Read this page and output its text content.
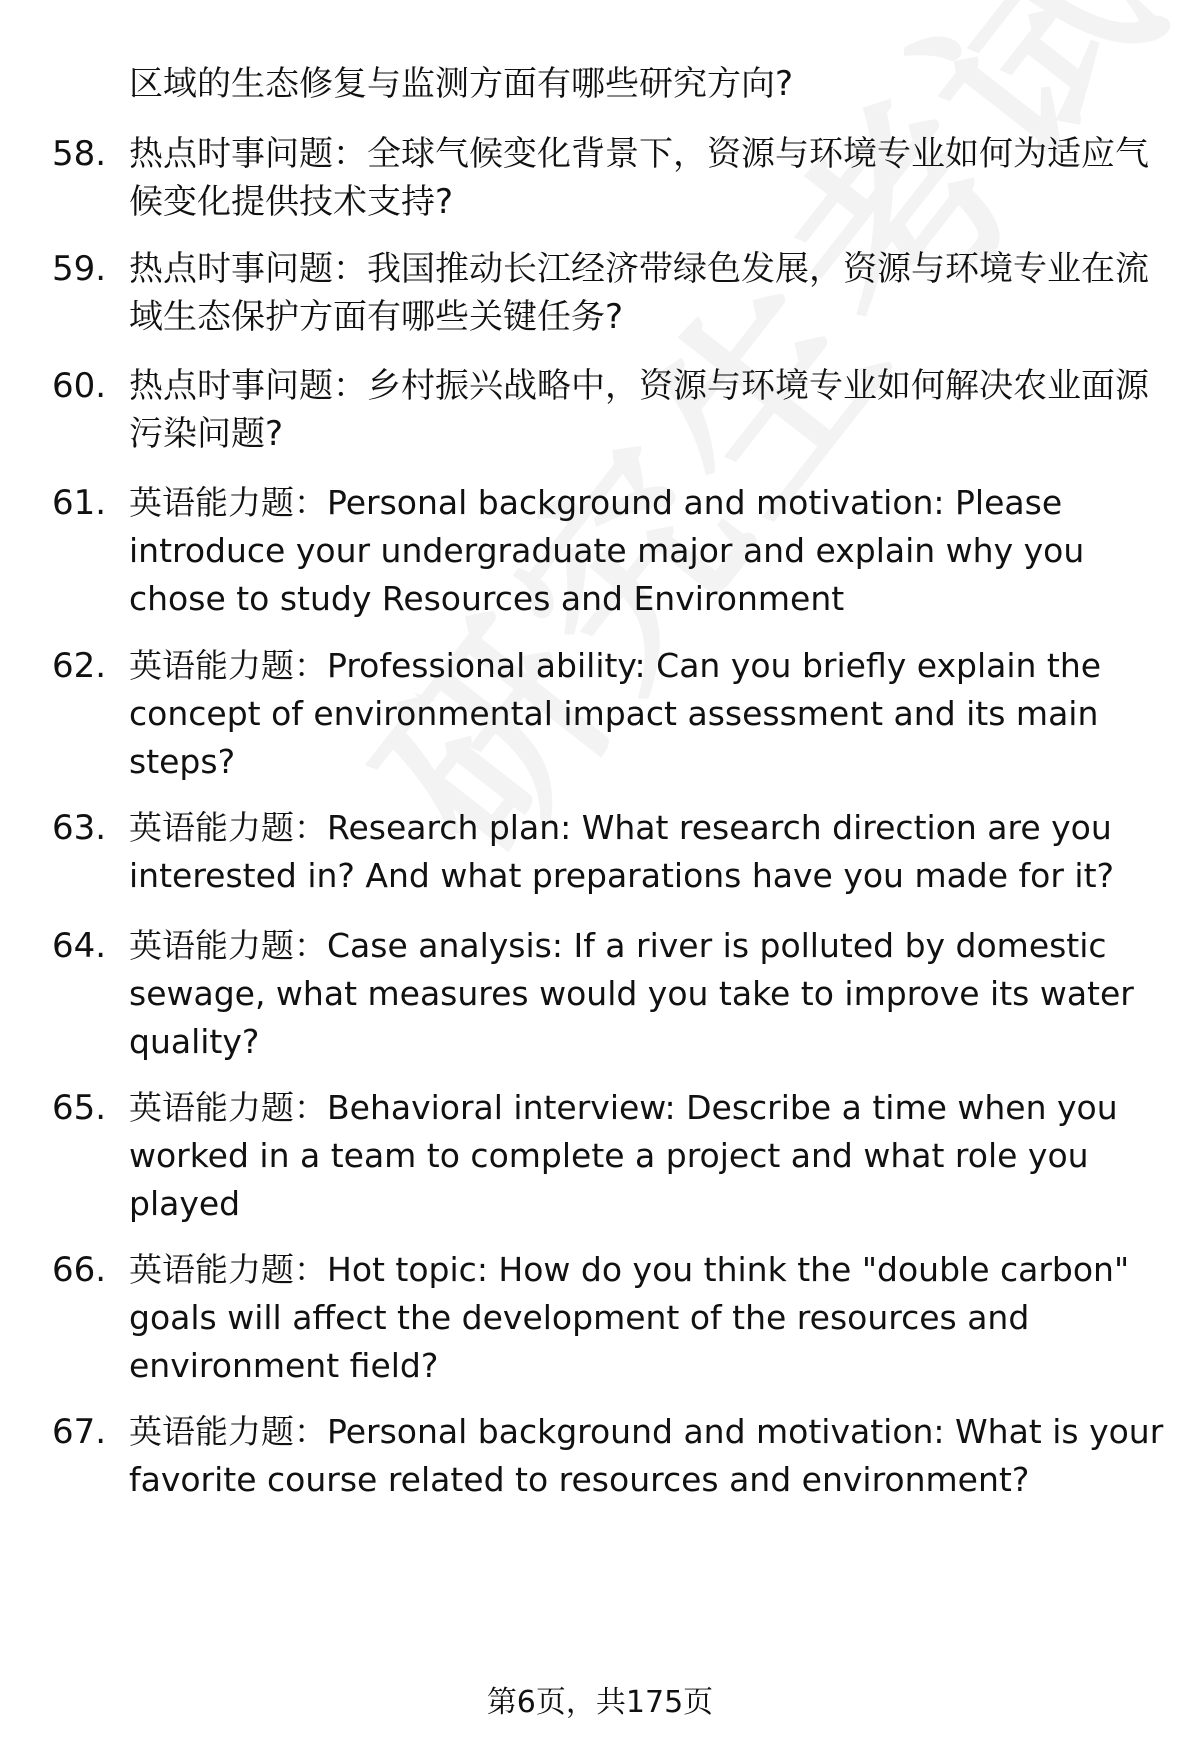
区域的生态修复与监测方面有哪些研究方向?
58. 热点时事问题：全球气候变化背景下，资源与环境专业如何为适应气候变化提供技术支持?
59. 热点时事问题：我国推动长江经济带绿色发展，资源与环境专业在流域生态保护方面有哪些关键任务?
60. 热点时事问题：乡村振兴战略中，资源与环境专业如何解决农业面源污染问题?
61. 英语能力题：Personal background and motivation: Please introduce your undergraduate major and explain why you chose to study Resources and Environment
62. 英语能力题：Professional ability: Can you briefly explain the concept of environmental impact assessment and its main steps?
63. 英语能力题：Research plan: What research direction are you interested in? And what preparations have you made for it?
64. 英语能力题：Case analysis: If a river is polluted by domestic sewage, what measures would you take to improve its water quality?
65. 英语能力题：Behavioral interview: Describe a time when you worked in a team to complete a project and what role you played
66. 英语能力题：Hot topic: How do you think the "double carbon" goals will affect the development of the resources and environment field?
67. 英语能力题：Personal background and motivation: What is your favorite course related to resources and environment?
第6页，共175页
